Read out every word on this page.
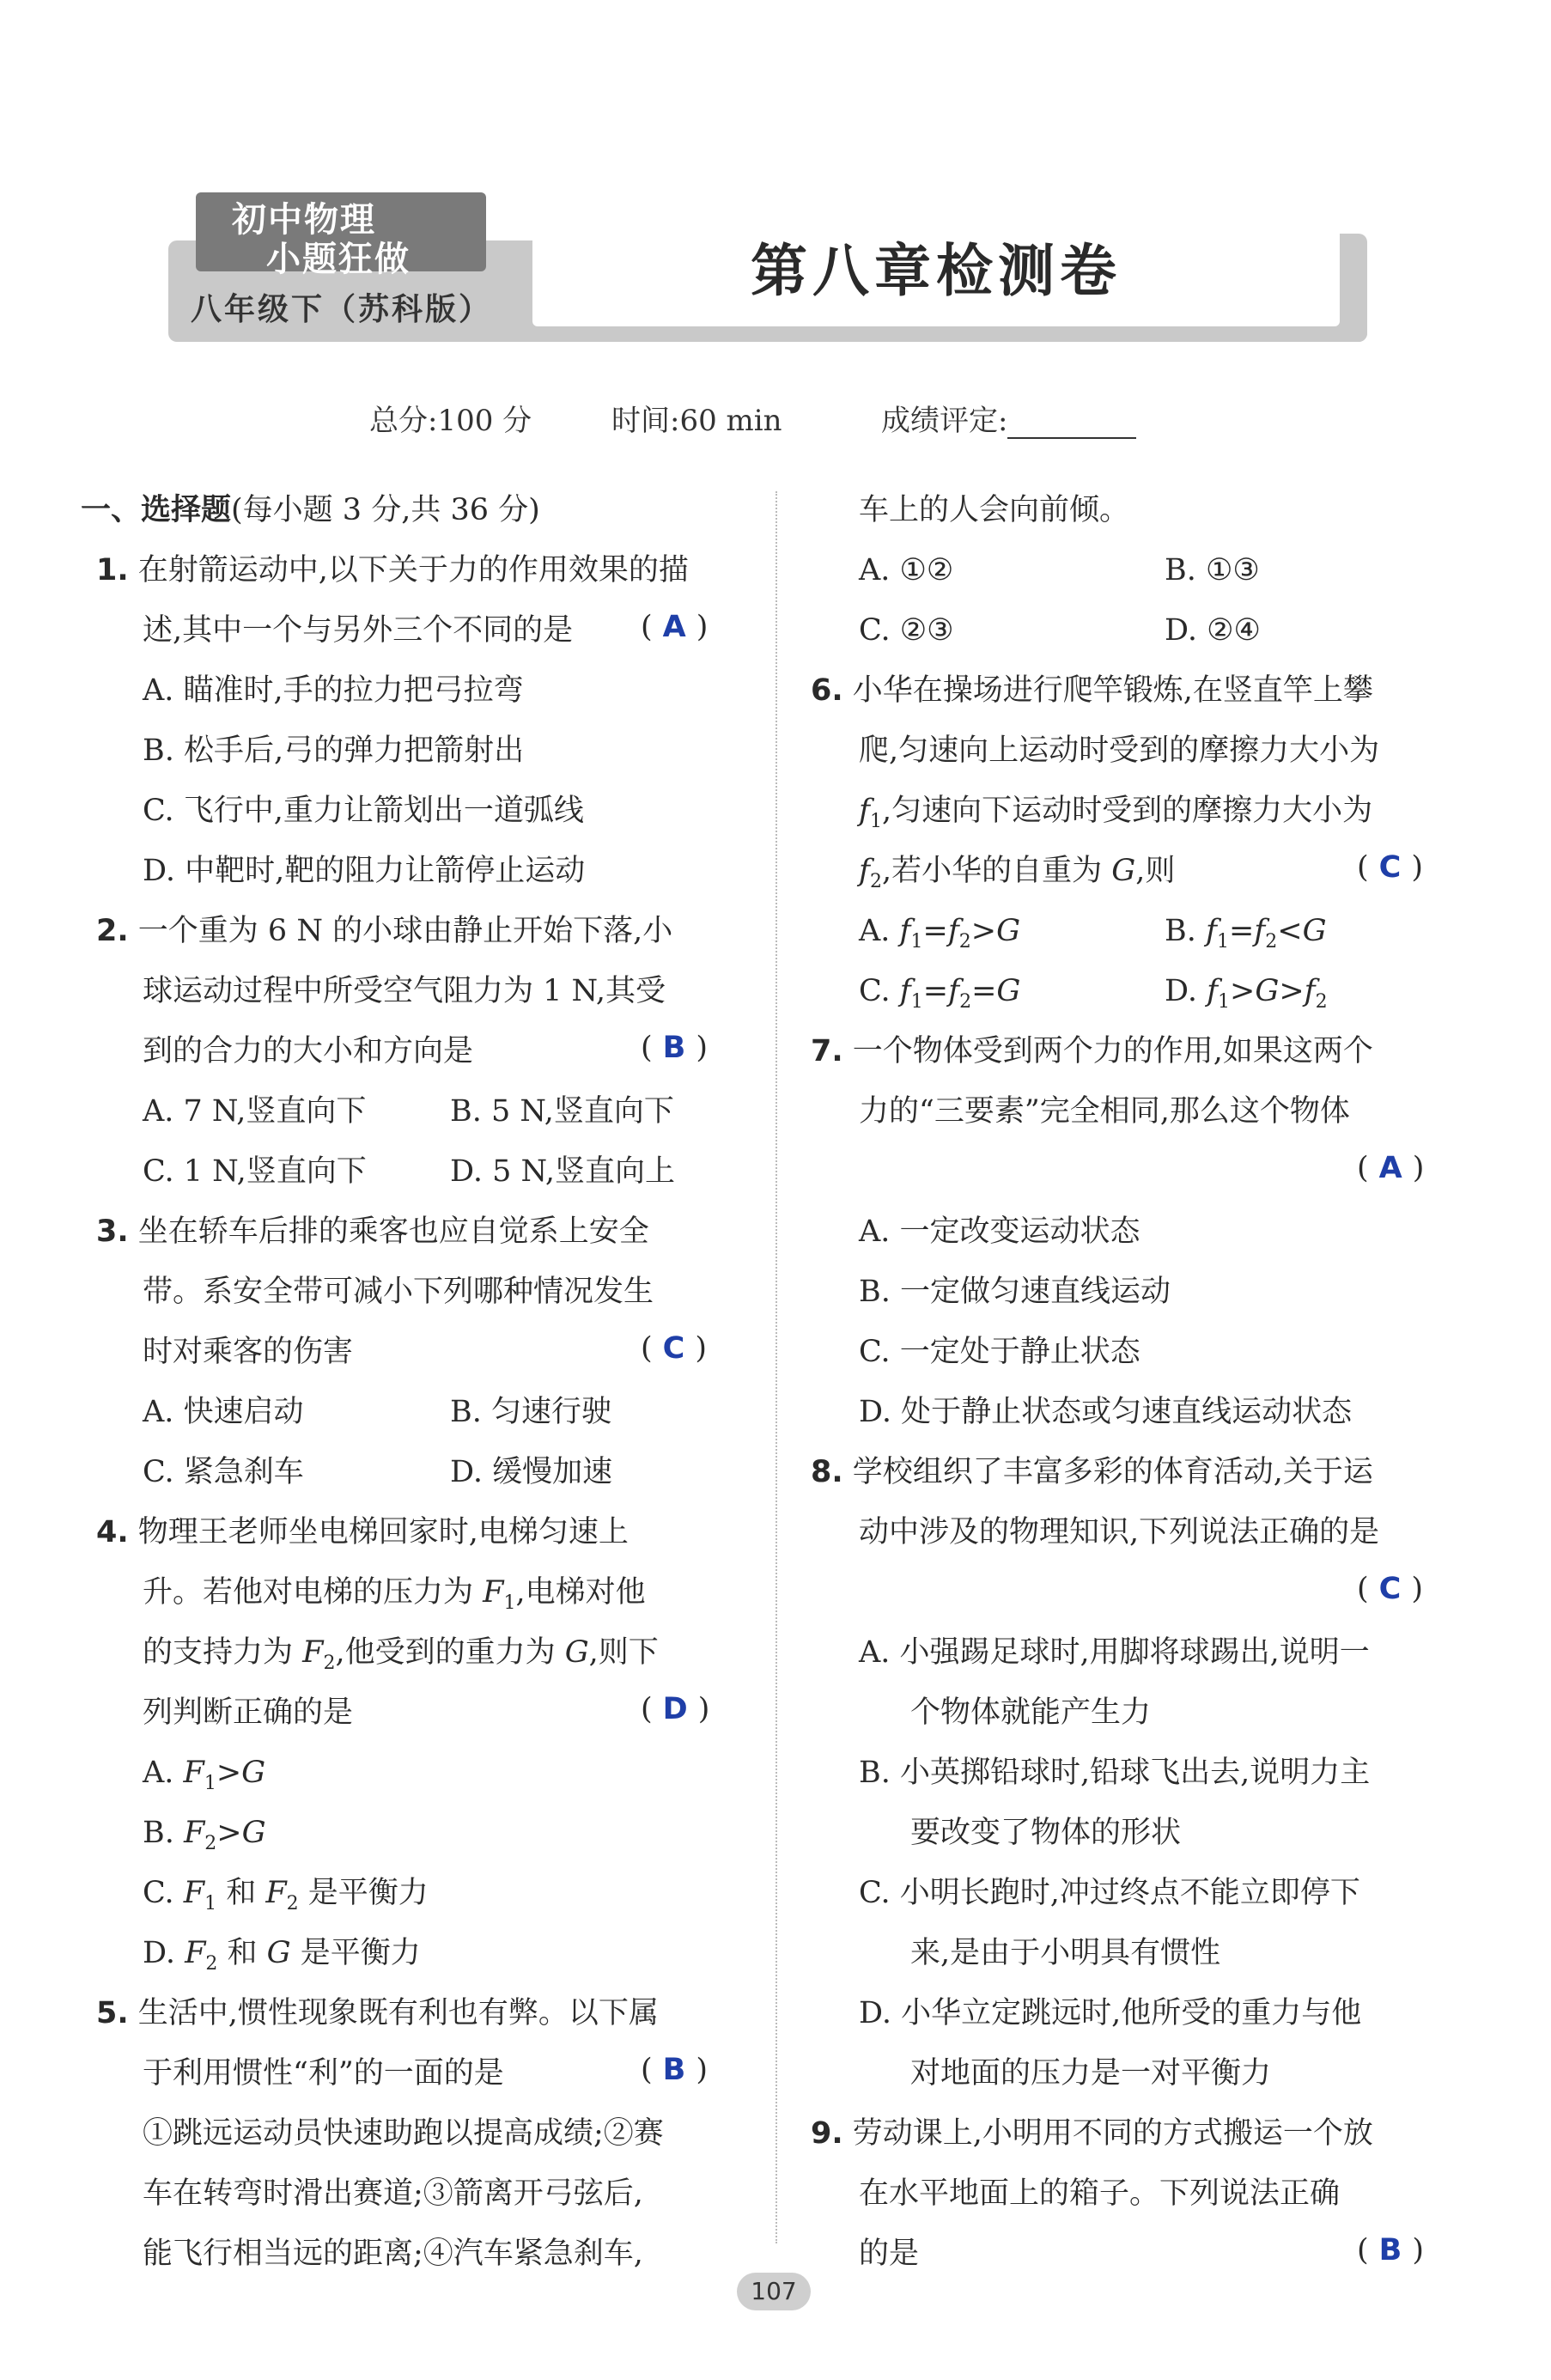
初中物理
小题狂做
八年级下（苏科版）
第八章检测卷
总分:100 分	时间:60 min	成绩评定:
一、选择题(每小题 3 分,共 36 分)
1. 在射箭运动中,以下关于力的作用效果的描
述,其中一个与另外三个不同的是 ( A )
A. 瞄准时,手的拉力把弓拉弯
B. 松手后,弓的弹力把箭射出
C. 飞行中,重力让箭划出一道弧线
D. 中靶时,靶的阻力让箭停止运动
2. 一个重为 6 N 的小球由静止开始下落,小
球运动过程中所受空气阻力为 1 N,其受
到的合力的大小和方向是	( B )
A. 7 N,竖直向下	B. 5 N,竖直向下
C. 1 N,竖直向下	D. 5 N,竖直向上
3. 坐在轿车后排的乘客也应自觉系上安全
带。系安全带可减小下列哪种情况发生
时对乘客的伤害	( C )
A. 快速启动	B. 匀速行驶
C. 紧急刹车	D. 缓慢加速
4. 物理王老师坐电梯回家时,电梯匀速上
升。若他对电梯的压力为 $F_1$,电梯对他
的支持力为 $F_2$,他受到的重力为 G,则下
列判断正确的是	( D )
A. $F_1>G$
B. $F_2>G$
C. $F_1$ 和 $F_2$ 是平衡力
D. $F_2$ 和 G 是平衡力
5. 生活中,惯性现象既有利也有弊。以下属
于利用惯性“利”的一面的是	( B )
①跳远运动员快速助跑以提高成绩;②赛
车在转弯时滑出赛道;③箭离开弓弦后,
能飞行相当远的距离;④汽车紧急刹车,
车上的人会向前倾。
A. ①②	B. ①③
C. ②③	D. ②④
6. 小华在操场进行爬竿锻炼,在竖直竿上攀
爬,匀速向上运动时受到的摩擦力大小为
$f_1$,匀速向下运动时受到的摩擦力大小为
$f_2$,若小华的自重为 G,则	( C )
A. $f_1=f_2>G$	B. $f_1=f_2<G$
C. $f_1=f_2=G$	D. $f_1>G>f_2$
7. 一个物体受到两个力的作用,如果这两个
力的“三要素”完全相同,那么这个物体
( A )
A. 一定改变运动状态
B. 一定做匀速直线运动
C. 一定处于静止状态
D. 处于静止状态或匀速直线运动状态
8. 学校组织了丰富多彩的体育活动,关于运
动中涉及的物理知识,下列说法正确的是
( C )
A. 小强踢足球时,用脚将球踢出,说明一
个物体就能产生力
B. 小英掷铅球时,铅球飞出去,说明力主
要改变了物体的形状
C. 小明长跑时,冲过终点不能立即停下
来,是由于小明具有惯性
D. 小华立定跳远时,他所受的重力与他
对地面的压力是一对平衡力
9. 劳动课上,小明用不同的方式搬运一个放
在水平地面上的箱子。下列说法正确
的是	( B )
107
